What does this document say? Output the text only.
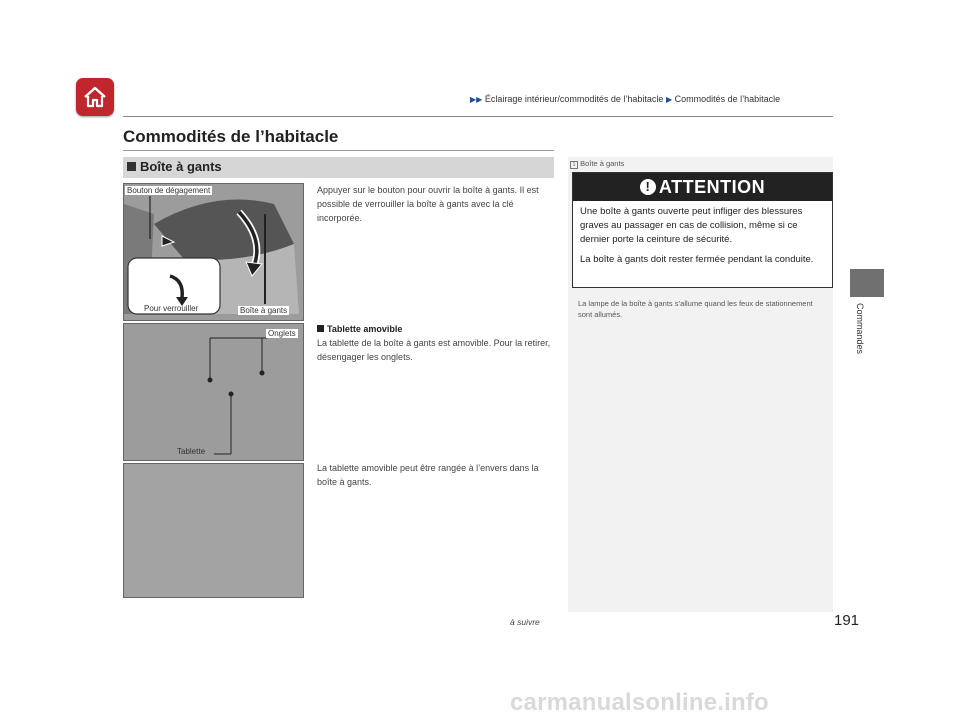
▶▶ Éclairage intérieur/commodités de l’habitacle ▶ Commodités de l’habitacle
Commodités de l’habitacle
Boîte à gants
Bouton de dégagement
Pour verrouiller	Boîte à gants
Appuyer sur le bouton pour ouvrir la boîte à gants. Il est possible de verrouiller la boîte à gants avec la clé incorporée.
Onglets
Tablette
Tablette amovible
La tablette de la boîte à gants est amovible. Pour la retirer, désengager les onglets.
La tablette amovible peut être rangée à l’envers dans la boîte à gants.
1 Boîte à gants
! ATTENTION
Une boîte à gants ouverte peut infliger des blessures graves au passager en cas de collision, même si ce dernier porte la ceinture de sécurité.
La boîte à gants doit rester fermée pendant la conduite.
La lampe de la boîte à gants s’allume quand les feux de stationnement sont allumés.	Commandes
à suivre	191
carmanualsonline.info
